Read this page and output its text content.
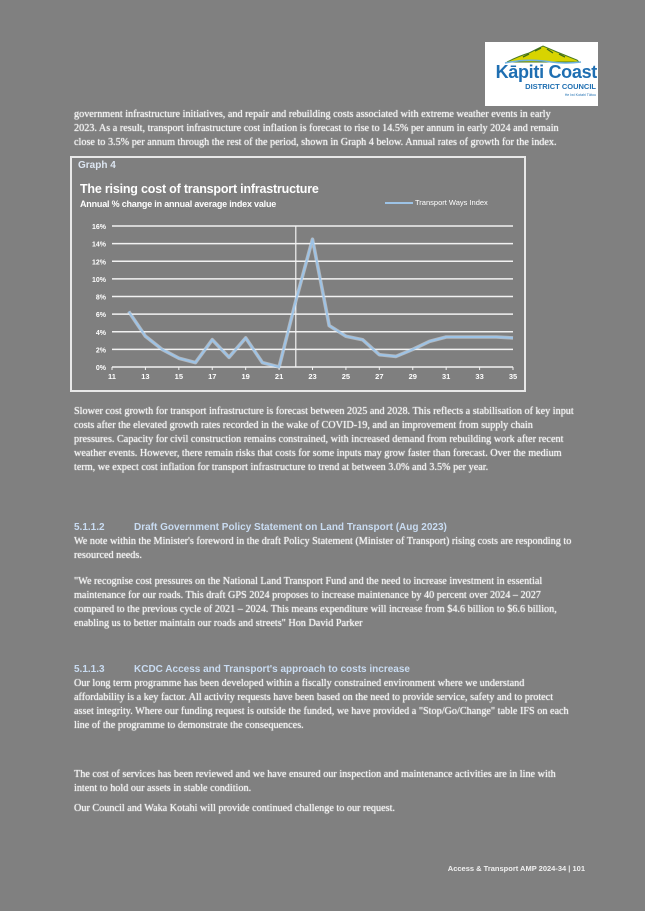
Kāpiti Coast
DISTRICT COUNCIL
He Iwi Kotahi Tātou
government infrastructure initiatives, and repair and rebuilding costs associated with extreme weather events in early 2023. As a result, transport infrastructure cost inflation is forecast to rise to 14.5% per annum in early 2024 and remain close to 3.5% per annum through the rest of the period, shown in Graph 4 below. Annual rates of growth for the index.
Graph 4
The rising cost of transport infrastructure
Annual % change in annual average index value	Transport Ways Index
0%
2%
4%
6%
8%
10%
12%
14%
16%
11	13	15	17	19	21	23	25	27	29	31	33	35
Slower cost growth for transport infrastructure is forecast between 2025 and 2028. This reflects a stabilisation of key input costs after the elevated growth rates recorded in the wake of COVID-19, and an improvement from supply chain pressures. Capacity for civil construction remains constrained, with increased demand from rebuilding work after recent weather events. However, there remain risks that costs for some inputs may grow faster than forecast. Over the medium term, we expect cost inflation for transport infrastructure to trend at between 3.0% and 3.5% per year.
5.1.1.2	Draft Government Policy Statement on Land Transport (Aug 2023)
We note within the Minister's foreword in the draft Policy Statement (Minister of Transport) rising costs are responding to resourced needs.
"We recognise cost pressures on the National Land Transport Fund and the need to increase investment in essential maintenance for our roads. This draft GPS 2024 proposes to increase maintenance by 40 percent over 2024 – 2027 compared to the previous cycle of 2021 – 2024. This means expenditure will increase from $4.6 billion to $6.6 billion, enabling us to better maintain our roads and streets" Hon David Parker
5.1.1.3	KCDC Access and Transport's approach to costs increase
Our long term programme has been developed within a fiscally constrained environment where we understand affordability is a key factor. All activity requests have been based on the need to provide service, safety and to protect asset integrity. Where our funding request is outside the funded, we have provided a "Stop/Go/Change" table IFS on each line of the programme to demonstrate the consequences.
The cost of services has been reviewed and we have ensured our inspection and maintenance activities are in line with intent to hold our assets in stable condition.
Our Council and Waka Kotahi will provide continued challenge to our request.
Access & Transport AMP 2024-34 | 101
